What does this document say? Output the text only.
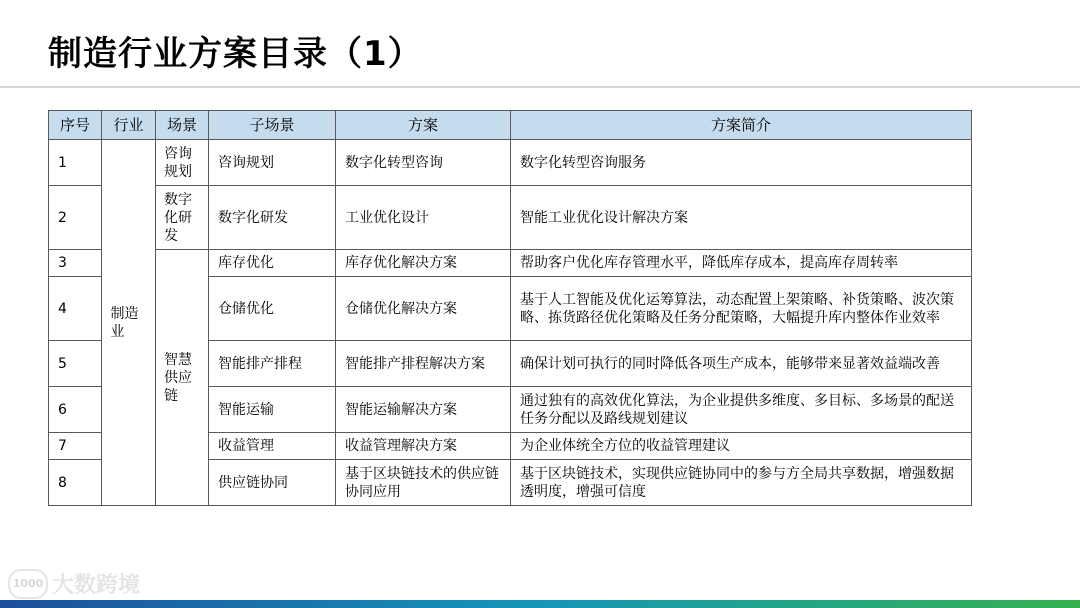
制造行业方案目录（1）
序号	行业	场景	子场景	方案	方案简介
1	制造业	咨询规划	咨询规划	数字化转型咨询	数字化转型咨询服务
2		数字化研发	数字化研发	工业优化设计	智能工业优化设计解决方案
3		智慧供应链	库存优化	库存优化解决方案	帮助客户优化库存管理水平，降低库存成本，提高库存周转率
4			仓储优化	仓储优化解决方案	基于人工智能及优化运筹算法，动态配置上架策略、补货策略、波次策略、拣货路径优化策略及任务分配策略，大幅提升库内整体作业效率
5			智能排产排程	智能排产排程解决方案	确保计划可执行的同时降低各项生产成本，能够带来显著效益端改善
6			智能运输	智能运输解决方案	通过独有的高效优化算法，为企业提供多维度、多目标、多场景的配送任务分配以及路线规划建议
7			收益管理	收益管理解决方案	为企业体统全方位的收益管理建议
8			供应链协同	基于区块链技术的供应链协同应用	基于区块链技术，实现供应链协同中的参与方全局共享数据，增强数据透明度，增强可信度
1000 大数跨境
